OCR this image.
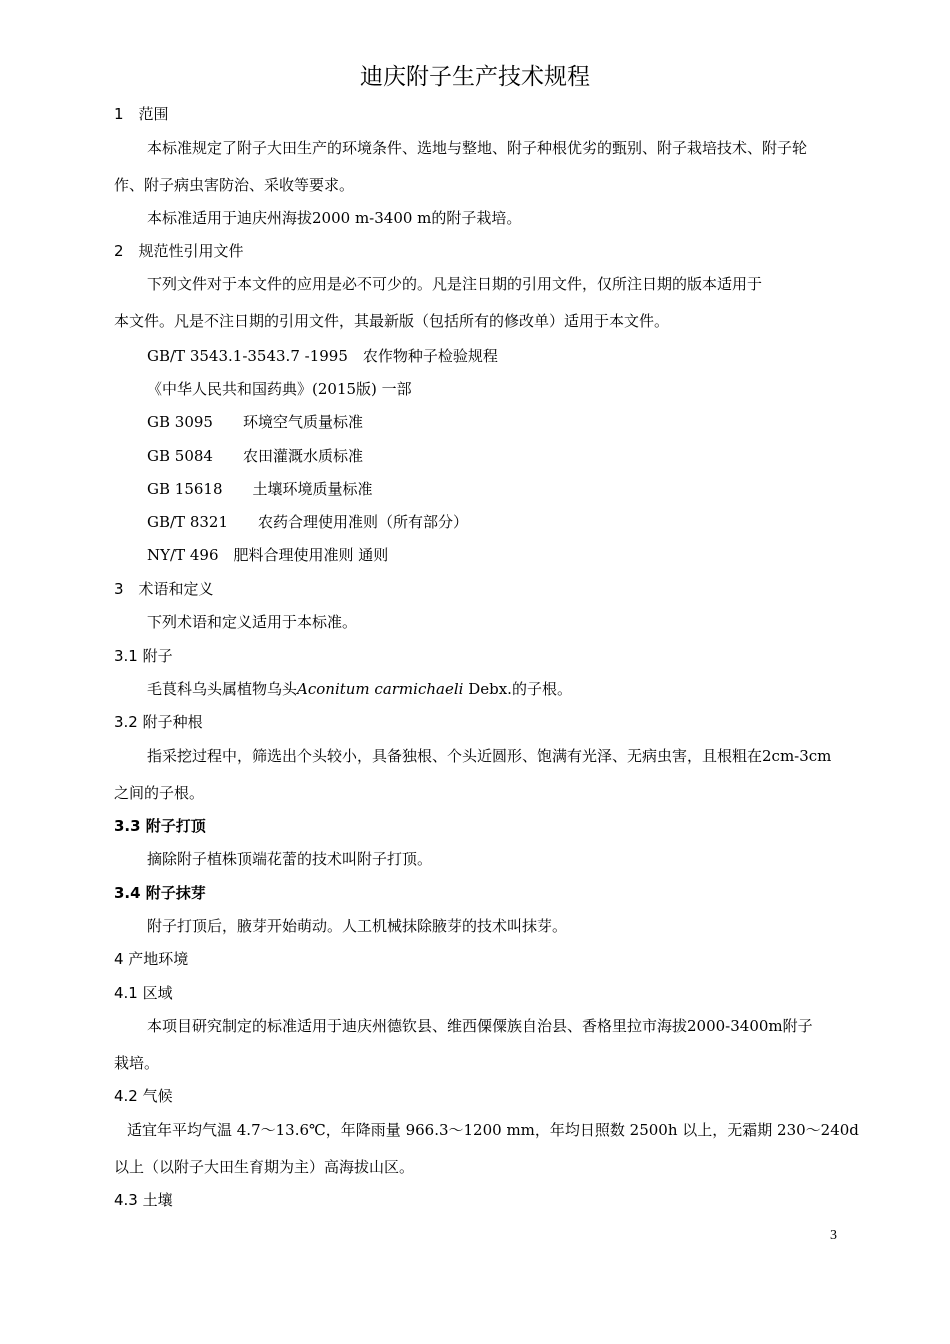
迪庆附子生产技术规程
1　范围
本标准规定了附子大田生产的环境条件、选地与整地、附子种根优劣的甄别、附子栽培技术、附子轮
作、附子病虫害防治、采收等要求。
本标准适用于迪庆州海拔2000 m-3400 m的附子栽培。
2　规范性引用文件
下列文件对于本文件的应用是必不可少的。凡是注日期的引用文件，仅所注日期的版本适用于
本文件。凡是不注日期的引用文件，其最新版（包括所有的修改单）适用于本文件。
GB/T 3543.1-3543.7 -1995　农作物种子检验规程
《中华人民共和国药典》(2015版) 一部
GB 3095　　环境空气质量标准
GB 5084　　农田灌溉水质标准
GB 15618　　土壤环境质量标准
GB/T 8321　　农药合理使用准则（所有部分）
NY/T 496　肥料合理使用准则 通则
3　术语和定义
下列术语和定义适用于本标准。
3.1 附子
毛茛科乌头属植物乌头Aconitum carmichaeli Debx.的子根。
3.2 附子种根
指采挖过程中，筛选出个头较小，具备独根、个头近圆形、饱满有光泽、无病虫害，且根粗在2cm-3cm
之间的子根。
3.3 附子打顶
摘除附子植株顶端花蕾的技术叫附子打顶。
3.4 附子抹芽
附子打顶后，腋芽开始萌动。人工机械抹除腋芽的技术叫抹芽。
4 产地环境
4.1 区域
本项目研究制定的标准适用于迪庆州德钦县、维西傈僳族自治县、香格里拉市海拔2000-3400m附子
栽培。
4.2 气候
适宜年平均气温 4.7～13.6℃，年降雨量 966.3～1200 mm，年均日照数 2500h 以上，无霜期 230～240d
以上（以附子大田生育期为主）高海拔山区。
4.3 土壤
3
